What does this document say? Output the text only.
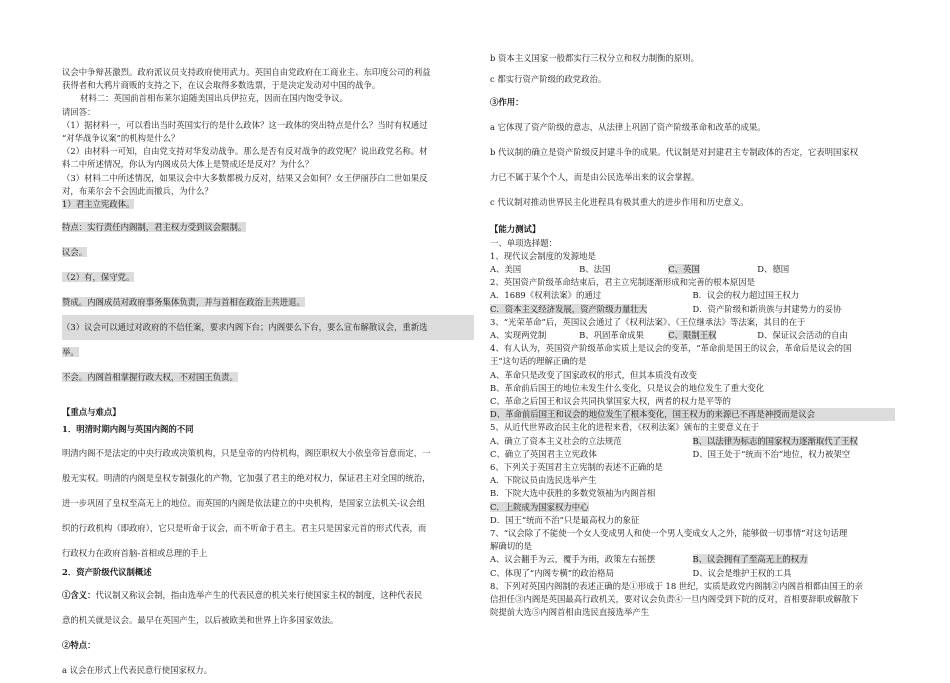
议会中争辩甚激烈。政府派议员支持政府使用武力。英国自由党政府在工商业主、东印度公司的利益
获得者和大鸦片商贩的支持之下，在议会取得多数选票，于是决定发动对中国的战争。
材料二：英国前首相布莱尔追随美国出兵伊拉克，因而在国内饱受争议。
请回答：
（1）据材料一，可以看出当时英国实行的是什么政体？这一政体的突出特点是什么？当时有权通过
“对华战争议案”的机构是什么？
（2）由材料一可知，自由党支持对华发动战争。那么是否有反对战争的政党呢？说出政党名称。材
料二中所述情况，你认为内阁成员大体上是赞成还是反对？为什么？
（3）材料二中所述情况，如果议会中大多数都极力反对，结果又会如何？女王伊丽莎白二世如果反
对，布莱尔会不会因此而撤兵，为什么？
1）君主立宪政体。
特点：实行责任内阁制，君主权力受到议会限制。
议会。
（2）有，保守党。
赞成。内阁成员对政府事务集体负责，并与首相在政治上共进退。
（3）议会可以通过对政府的不信任案，要求内阁下台；内阁要么下台，要么宣布解散议会，重新选
举。
不会。内阁首相掌握行政大权，不对国王负责。
【重点与难点】
1．明清时期内阁与英国内阁的不同
明清内阁不是法定的中央行政或决策机构，只是皇帝的内侍机构，阁臣职权大小依皇帝旨意而定，一
般无实权。明清的内阁是皇权专制强化的产物，它加强了君主的绝对权力，保证君主对全国的统治，
进一步巩固了皇权至高无上的地位。而英国的内阁是依法建立的中央机构，是国家立法机关-议会组
织的行政机构（即政府），它只是听命于议会，而不听命于君主。君主只是国家元首的形式代表，而
行政权力在政府首脑-首相或总理的手上
2．资产阶级代议制概述
①含义：代议制又称议会制，指由选举产生的代表民意的机关来行使国家主权的制度，这种代表民
意的机关就是议会。最早在英国产生，以后被欧美和世界上许多国家效法。
②特点：
a 议会在形式上代表民意行使国家权力。
b 资本主义国家一般都实行三权分立和权力制衡的原则。
c 都实行资产阶级的政党政治。
③作用：
a 它体现了资产阶级的意志，从法律上巩固了资产阶级革命和改革的成果。
b 代议制的确立是资产阶级反封建斗争的成果。代议制是对封建君主专制政体的否定，它表明国家权
力已不属于某个个人，而是由公民选举出来的议会掌握。
c 代议制对推动世界民主化进程具有极其重大的进步作用和历史意义。
【能力测试】
一、单项选择题：
1、现代议会制度的发源地是
A、美国	B、法国	C、英国	D、德国
2、英国资产阶级革命结束后，君主立宪制逐渐形成和完善的根本原因是
A．1689《权利法案》的通过	B．议会的权力超过国王权力
C．资本主义经济发展，资产阶级力量壮大	D．资产阶级和新贵族与封建势力的妥协
3、“光荣革命”后，英国议会通过了《权利法案》、《王位继承法》等法案，其目的在于
A、实现两党制	B、巩固革命成果	C、限制王权	D、保证议会活动的自由
4、有人认为，英国资产阶级革命实质上是议会的变革，“革命前是国王的议会，革命后是议会的国
王”这句话的理解正确的是
A、革命只是改变了国家政权的形式，但其本质没有改变
B、革命前后国王的地位未发生什么变化，只是议会的地位发生了重大变化
C、革命之后国王和议会共同执掌国家大权，两者的权力是平等的
D、革命前后国王和议会的地位发生了根本变化，国王权力的来源已不再是神授而是议会
5、从近代世界政治民主化的进程来看，《权利法案》颁布的主要意义在于
A、确立了资本主义社会的立法规范	B、以法律为标志的国家权力逐渐取代了王权
C、确立了英国君主立宪政体	D、国王处于“统而不治”地位，权力被架空
6、下列关于英国君主立宪制的表述不正确的是
A．下院议员由选民选举产生
B．下院大选中获胜的多数党领袖为内阁首相
C．上院成为国家权力中心
D．国王“统而不治”只是最高权力的象征
7、“议会除了不能使一个女人变成男人和使一个男人变成女人之外，能够做一切事情”对这句话理
解确切的是
A、议会翻手为云，覆手为雨，政策左右摇摆	B、议会拥有了至高无上的权力
C、体现了“内阁专横”的政治格局	D、议会是维护王权的工具
8、下列对英国内阁制的表述正确的是①形成于 18 世纪，实质是政党内阁制②内阁首相都由国王的亲
信担任③内阁是英国最高行政机关，要对议会负责④一旦内阁受到下院的反对，首相要辞职或解散下
院提前大选⑤内阁首相由选民直接选举产生
